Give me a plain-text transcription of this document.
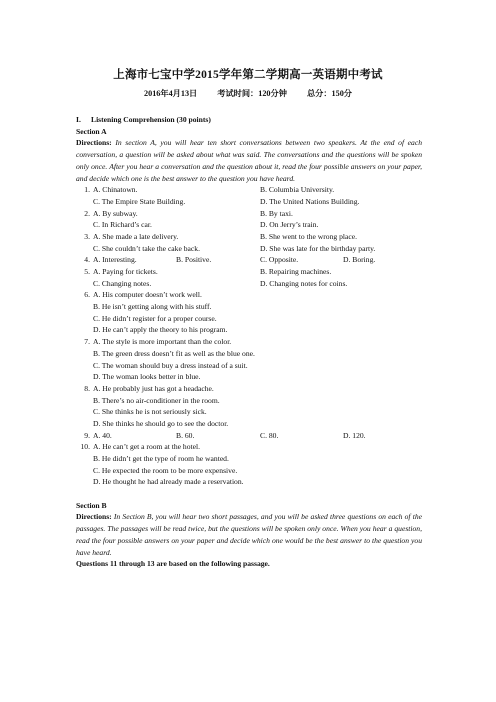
上海市七宝中学2015学年第二学期高一英语期中考试
2016年4月13日 考试时间：120分钟 总分：150分
I. Listening Comprehension (30 points)
Section A
Directions: In section A, you will hear ten short conversations between two speakers. At the end of each conversation, a question will be asked about what was said. The conversations and the questions will be spoken only once. After you hear a conversation and the question about it, read the four possible answers on your paper, and decide which one is the best answer to the question you have heard.
1. A. Chinatown.	B. Columbia University.
C. The Empire State Building.	D. The United Nations Building.
2. A. By subway.	B. By taxi.
C. In Richard’s car.	D. On Jerry’s train.
3. A. She made a late delivery.	B. She went to the wrong place.
C. She couldn’t take the cake back.	D. She was late for the birthday party.
4. A. Interesting.	B. Positive.	C. Opposite.	D. Boring.
5. A. Paying for tickets.	B. Repairing machines.
C. Changing notes.	D. Changing notes for coins.
6. A. His computer doesn’t work well.
B. He isn’t getting along with his stuff.
C. He didn’t register for a proper course.
D. He can’t apply the theory to his program.
7. A. The style is more important than the color.
B. The green dress doesn’t fit as well as the blue one.
C. The woman should buy a dress instead of a suit.
D. The woman looks better in blue.
8. A. He probably just has got a headache.
B. There’s no air-conditioner in the room.
C. She thinks he is not seriously sick.
D. She thinks he should go to see the doctor.
9. A. 40.	B. 60.	C. 80.	D. 120.
10. A. He can’t get a room at the hotel.
B. He didn’t get the type of room he wanted.
C. He expected the room to be more expensive.
D. He thought he had already made a reservation.
Section B
Directions: In Section B, you will hear two short passages, and you will be asked three questions on each of the passages. The passages will be read twice, but the questions will be spoken only once. When you hear a question, read the four possible answers on your paper and decide which one would be the best answer to the question you have heard.
Questions 11 through 13 are based on the following passage.
